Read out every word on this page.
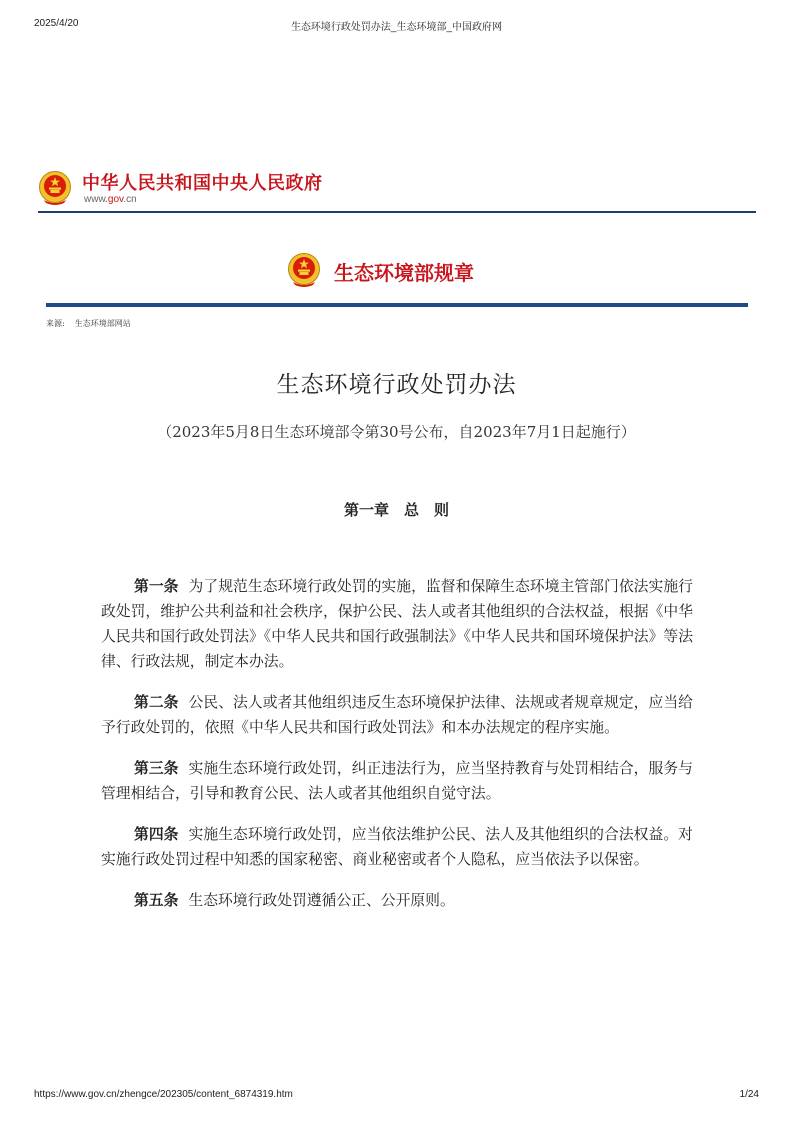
2025/4/20	生态环境行政处罚办法_生态环境部_中国政府网
中华人民共和国中央人民政府
www.gov.cn
生态环境部规章
来源: 生态环境部网站
生态环境行政处罚办法
（2023年5月8日生态环境部令第30号公布，自2023年7月1日起施行）
第一章　总　则

第一条 为了规范生态环境行政处罚的实施，监督和保障生态环境主管部门依法实施行政处罚，维护公共利益和社会秩序，保护公民、法人或者其他组织的合法权益，根据《中华人民共和国行政处罚法》《中华人民共和国行政强制法》《中华人民共和国环境保护法》等法律、行政法规，制定本办法。

第二条 公民、法人或者其他组织违反生态环境保护法律、法规或者规章规定，应当给予行政处罚的，依照《中华人民共和国行政处罚法》和本办法规定的程序实施。

第三条 实施生态环境行政处罚，纠正违法行为，应当坚持教育与处罚相结合，服务与管理相结合，引导和教育公民、法人或者其他组织自觉守法。

第四条 实施生态环境行政处罚，应当依法维护公民、法人及其他组织的合法权益。对实施行政处罚过程中知悉的国家秘密、商业秘密或者个人隐私，应当依法予以保密。

第五条 生态环境行政处罚遵循公正、公开原则。

https://www.gov.cn/zhengce/202305/content_6874319.htm	1/24
